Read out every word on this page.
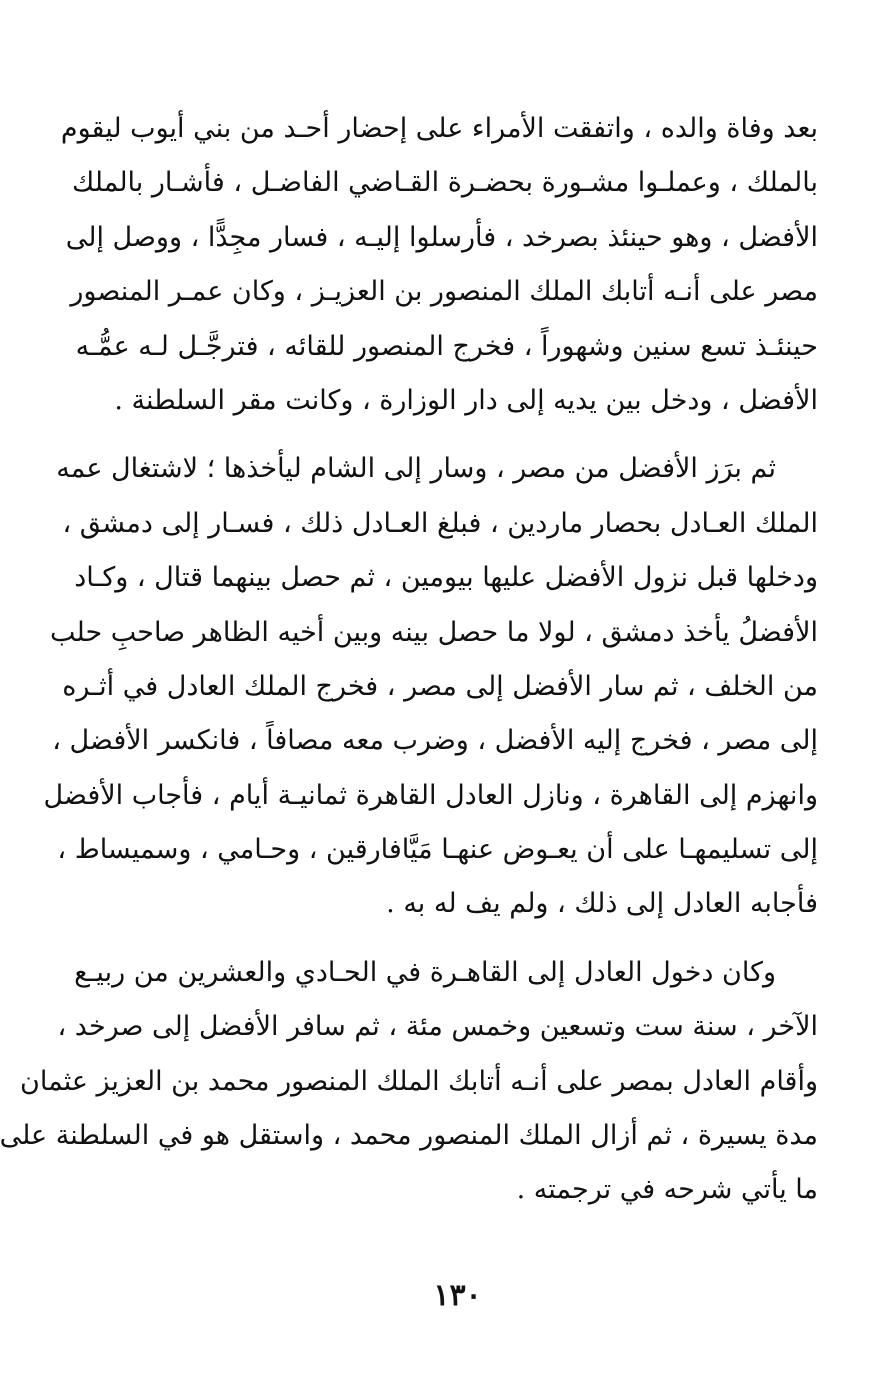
بعد وفاة والده ، واتفقت الأمراء على إحضار أحـد من بني أيوب ليقوم
بالملك ، وعملـوا مشـورة بحضـرة القـاضي الفاضـل ، فأشـار بالملك
الأفضل ، وهو حينئذ بصرخد ، فأرسلوا إليـه ، فسار مجِدًّا ، ووصل إلى
مصر على أنـه أتابك الملك المنصور بن العزيـز ، وكان عمـر المنصور
حينئـذ تسع سنين وشهوراً ، فخرج المنصور للقائه ، فترجَّـل لـه عمُّـه
الأفضل ، ودخل بين يديه إلى دار الوزارة ، وكانت مقر السلطنة .
ثم برَز الأفضل من مصر ، وسار إلى الشام ليأخذها ؛ لاشتغال عمه
الملك العـادل بحصار ماردين ، فبلغ العـادل ذلك ، فسـار إلى دمشق ،
ودخلها قبل نزول الأفضل عليها بيومين ، ثم حصل بينهما قتال ، وكـاد
الأفضلُ يأخذ دمشق ، لولا ما حصل بينه وبين أخيه الظاهر صاحبِ حلب
من الخلف ، ثم سار الأفضل إلى مصر ، فخرج الملك العادل في أثـره
إلى مصر ، فخرج إليه الأفضل ، وضرب معه مصافاً ، فانكسر الأفضل ،
وانهزم إلى القاهرة ، ونازل العادل القاهرة ثمانيـة أيام ، فأجاب الأفضل
إلى تسليمهـا على أن يعـوض عنهـا مَيَّافارقين ، وحـامي ، وسميساط ،
فأجابه العادل إلى ذلك ، ولم يف له به .
وكان دخول العادل إلى القاهـرة في الحـادي والعشرين من ربيـع
الآخر ، سنة ست وتسعين وخمس مئة ، ثم سافر الأفضل إلى صرخد ،
وأقام العادل بمصر على أنـه أتابك الملك المنصور محمد بن العزيز عثمان
مدة يسيرة ، ثم أزال الملك المنصور محمد ، واستقل هو في السلطنة على
ما يأتي شرحه في ترجمته .
١٣٠
